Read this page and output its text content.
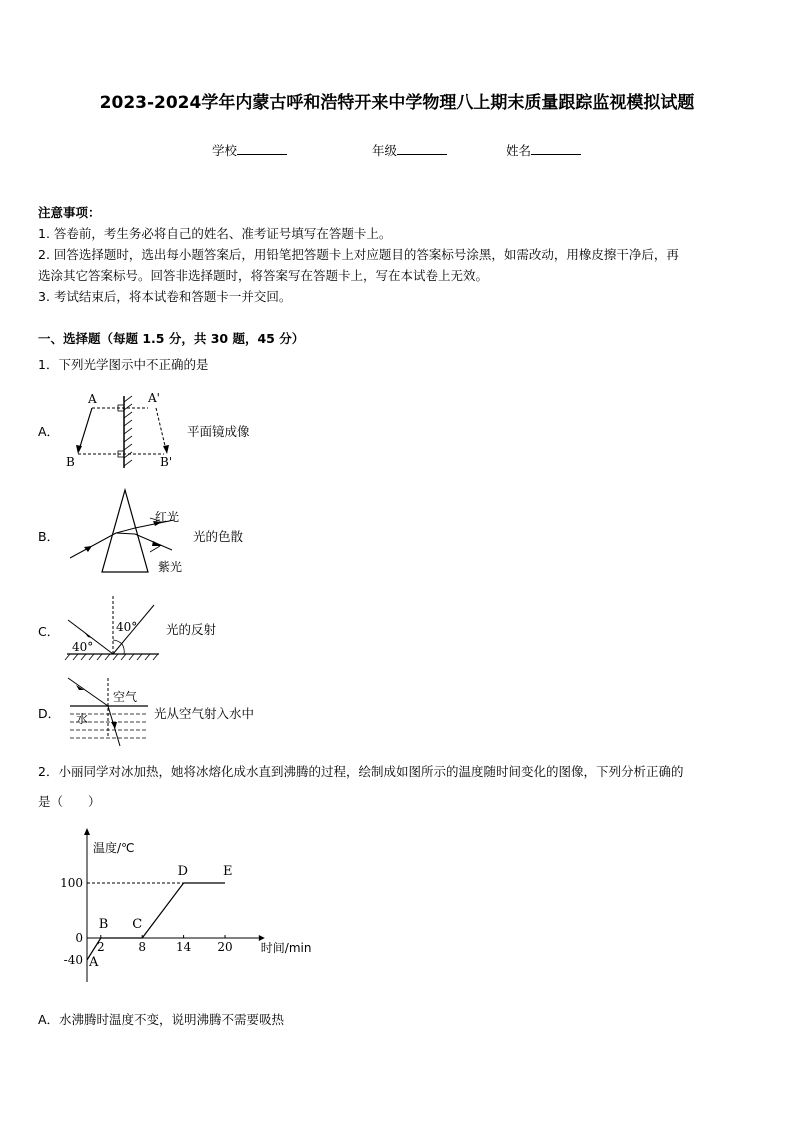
2023-2024学年内蒙古呼和浩特开来中学物理八上期末质量跟踪监视模拟试题
学校	年级	姓名
注意事项：
1. 答卷前，考生务必将自己的姓名、准考证号填写在答题卡上。
2. 回答选择题时，选出每小题答案后，用铅笔把答题卡上对应题目的答案标号涂黑，如需改动，用橡皮擦干净后，再
选涂其它答案标号。回答非选择题时，将答案写在答题卡上，写在本试卷上无效。
3. 考试结束后，将本试卷和答题卡一并交回。
一、选择题（每题 1.5 分，共 30 题，45 分）
1．下列光学图示中不正确的是
A．
A	A'
B	B'
平面镜成像
B．
红光
紫光
光的色散
C．	40°
40°
光的反射
D．
空气
水	光从空气射入水中
2．小丽同学对冰加热，她将冰熔化成水直到沸腾的过程，绘制成如图所示的温度随时间变化的图像，下列分析正确的
是（　　）
温度/℃
时间/min
100
0
-40
2	8 14 20
A
B C
D	E
A．水沸腾时温度不变，说明沸腾不需要吸热
